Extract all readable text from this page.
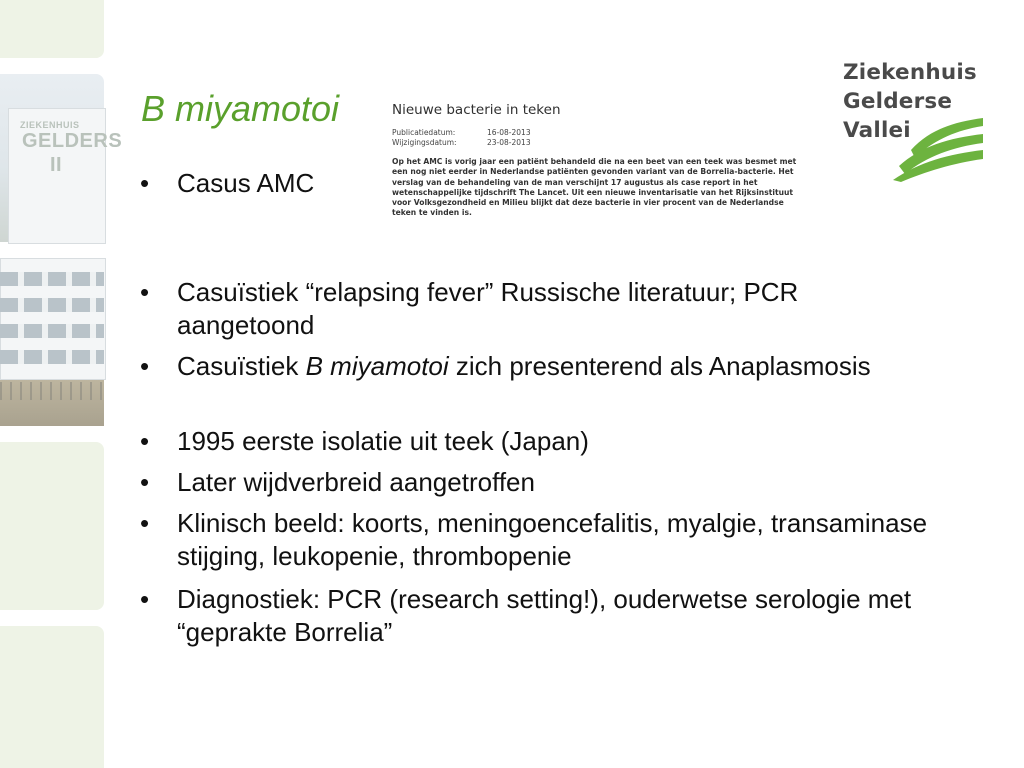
ZIEKENHUIS
GELDERS
II
B miyamotoi	Nieuwe bacterie in teken
Publicatiedatum:	16-08-2013
Wijzigingsdatum:	23-08-2013
Op het AMC is vorig jaar een patiënt behandeld die na een beet van een teek was besmet met een nog niet eerder in Nederlandse patiënten gevonden variant van de Borrelia-bacterie. Het verslag van de behandeling van de man verschijnt 17 augustus als case report in het wetenschappelijke tijdschrift The Lancet. Uit een nieuwe inventarisatie van het Rijksinstituut voor Volksgezondheid en Milieu blijkt dat deze bacterie in vier procent van de Nederlandse teken te vinden is.
Ziekenhuis
Gelderse
Vallei
•	Casus AMC
•	Casuïstiek “relapsing fever” Russische literatuur; PCR aangetoond
•	Casuïstiek B miyamotoi zich presenterend als Anaplasmosis
•	1995 eerste isolatie uit teek (Japan)
•	Later wijdverbreid aangetroffen
•	Klinisch beeld: koorts, meningoencefalitis, myalgie, transaminase stijging, leukopenie, thrombopenie
•	Diagnostiek: PCR (research setting!), ouderwetse serologie met “geprakte Borrelia”
